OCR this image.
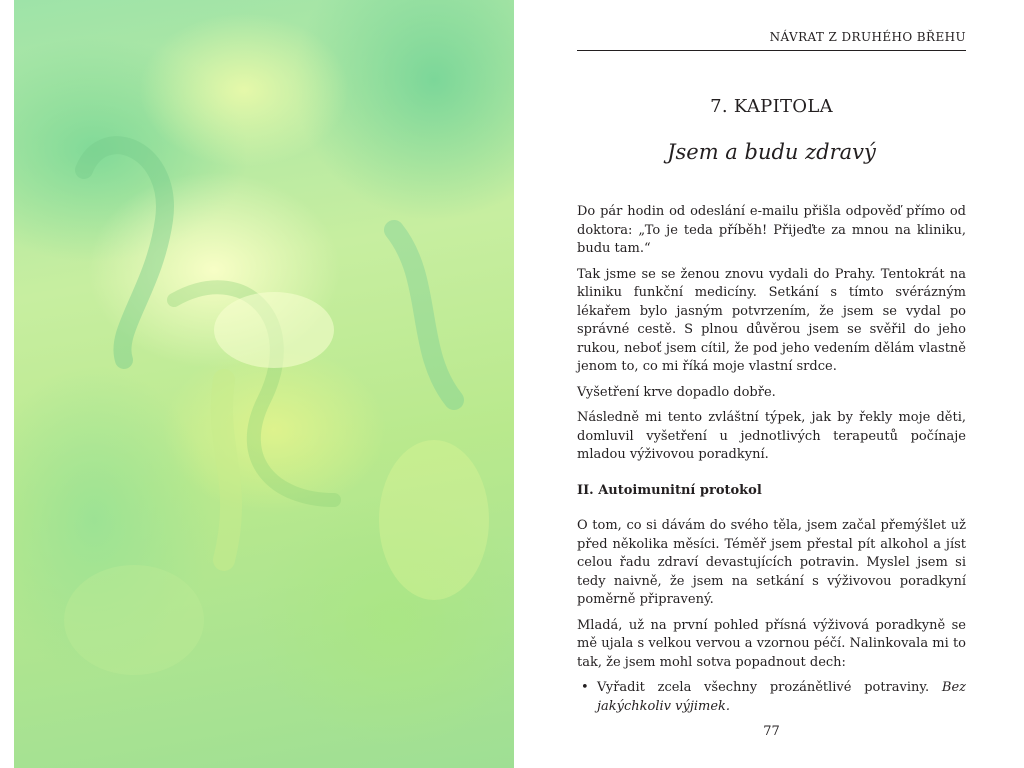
NÁVRAT Z DRUHÉHO BŘEHU
7. KAPITOLA
Jsem a budu zdravý

Do pár hodin od odeslání e-mailu přišla odpověď přímo od doktora: „To je teda příběh! Přijeďte za mnou na kliniku, budu tam.“

Tak jsme se se ženou znovu vydali do Prahy. Tentokrát na kliniku funkční medicíny. Setkání s tímto svérázným lékařem bylo jasným potvrzením, že jsem se vydal po správné cestě. S plnou důvěrou jsem se svěřil do jeho rukou, neboť jsem cítil, že pod jeho vedením dělám vlastně jenom to, co mi říká moje vlastní srdce.

Vyšetření krve dopadlo dobře.

Následně mi tento zvláštní týpek, jak by řekly moje děti, domluvil vyšetření u jednotlivých terapeutů počínaje mladou výživovou poradkyní.

II. Autoimunitní protokol

O tom, co si dávám do svého těla, jsem začal přemýšlet už před několika měsíci. Téměř jsem přestal pít alkohol a jíst celou řadu zdraví devastujících potravin. Myslel jsem si tedy naivně, že jsem na setkání s výživovou poradkyní poměrně připravený.

Mladá, už na první pohled přísná výživová poradkyně se mě ujala s velkou vervou a vzornou péčí. Nalinkovala mi to tak, že jsem mohl sotva popadnout dech:

• Vyřadit zcela všechny prozánětlivé potraviny. Bez jakýchkoliv výjimek.
77
